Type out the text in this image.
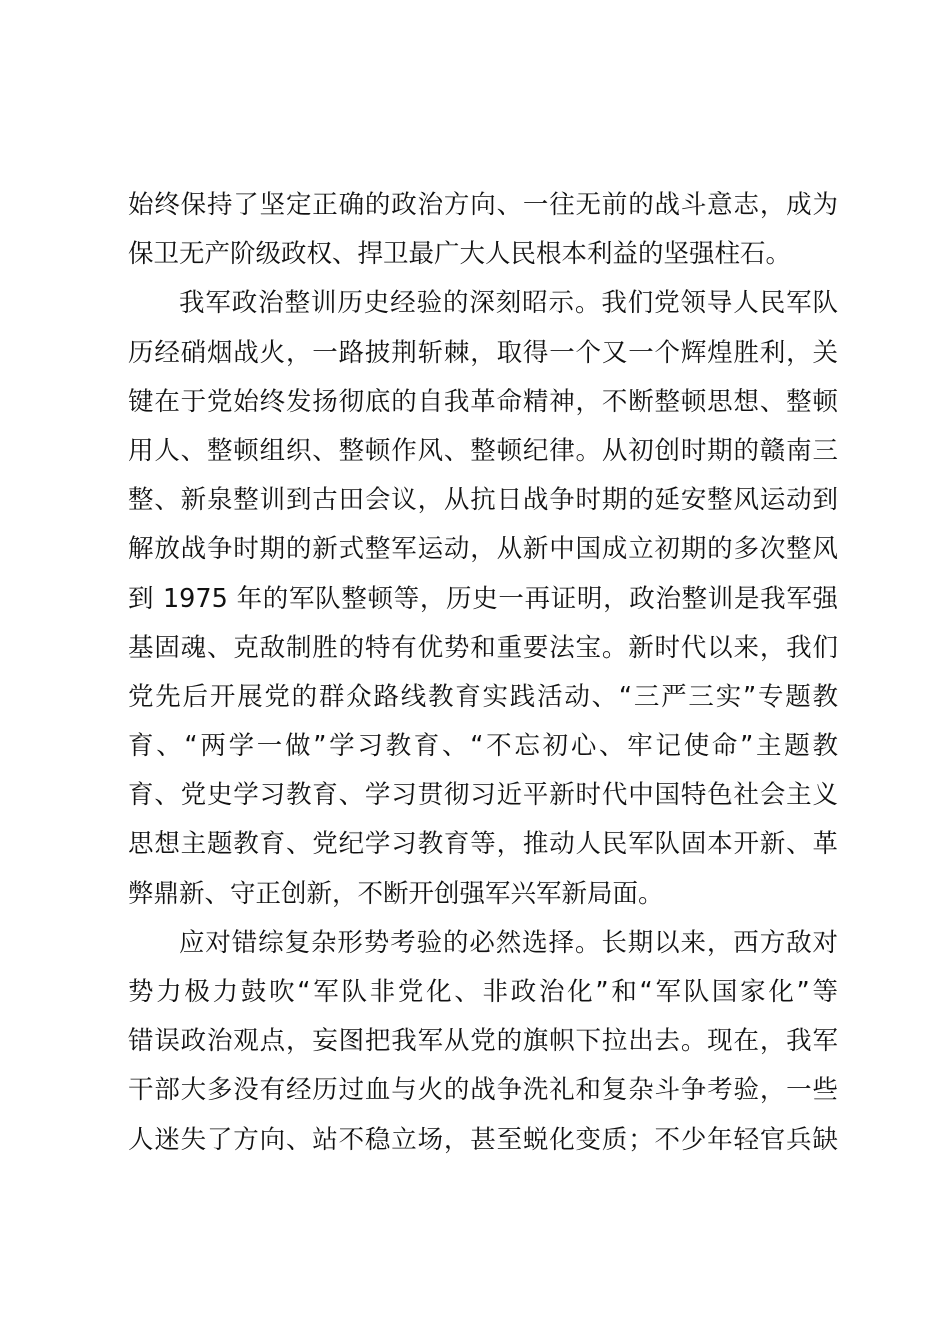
始终保持了坚定正确的政治方向、一往无前的战斗意志，成为
保卫无产阶级政权、捍卫最广大人民根本利益的坚强柱石。
我军政治整训历史经验的深刻昭示。我们党领导人民军队
历经硝烟战火，一路披荆斩棘，取得一个又一个辉煌胜利，关
键在于党始终发扬彻底的自我革命精神，不断整顿思想、整顿
用人、整顿组织、整顿作风、整顿纪律。从初创时期的赣南三
整、新泉整训到古田会议，从抗日战争时期的延安整风运动到
解放战争时期的新式整军运动，从新中国成立初期的多次整风
到 1975 年的军队整顿等，历史一再证明，政治整训是我军强
基固魂、克敌制胜的特有优势和重要法宝。新时代以来，我们
党先后开展党的群众路线教育实践活动、“三严三实”专题教
育、“两学一做”学习教育、“不忘初心、牢记使命”主题教
育、党史学习教育、学习贯彻习近平新时代中国特色社会主义
思想主题教育、党纪学习教育等，推动人民军队固本开新、革
弊鼎新、守正创新，不断开创强军兴军新局面。
应对错综复杂形势考验的必然选择。长期以来，西方敌对
势力极力鼓吹“军队非党化、非政治化”和“军队国家化”等
错误政治观点，妄图把我军从党的旗帜下拉出去。现在，我军
干部大多没有经历过血与火的战争洗礼和复杂斗争考验，一些
人迷失了方向、站不稳立场，甚至蜕化变质；不少年轻官兵缺
